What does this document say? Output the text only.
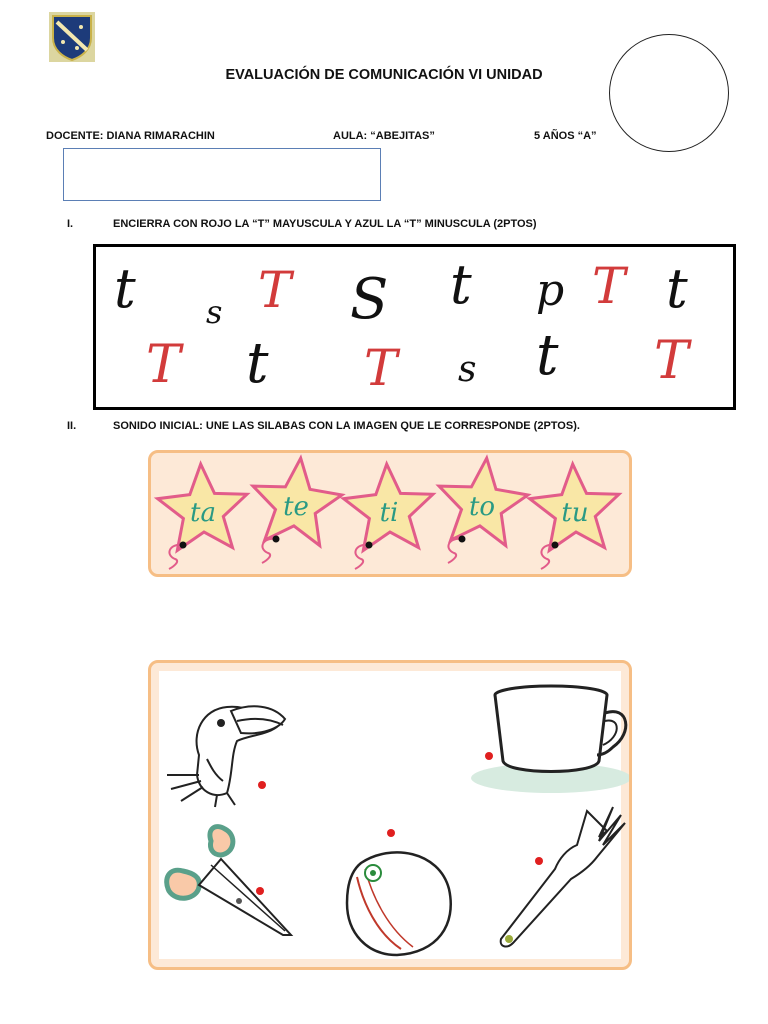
EVALUACIÓN DE COMUNICACIÓN VI UNIDAD
DOCENTE: DIANA RIMARACHIN	AULA: “ABEJITAS”	5 AÑOS “A”
I.	ENCIERRA CON ROJO LA “T” MAYUSCULA Y AZUL LA “T” MINUSCULA (2PTOS)
t s T S t p T t
T t T s t T
II.	SONIDO INICIAL: UNE LAS SILABAS CON LA IMAGEN QUE LE CORRESPONDE (2PTOS).
ta	te	ti	to	tu
